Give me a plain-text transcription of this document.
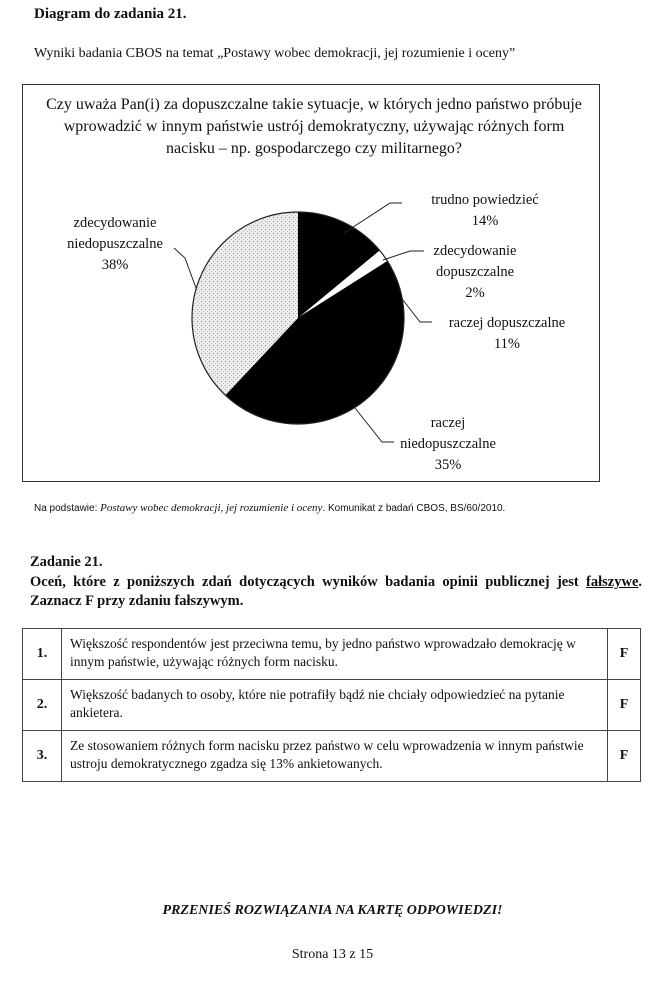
Diagram do zadania 21.
Wyniki badania CBOS na temat „Postawy wobec demokracji, jej rozumienie i oceny”
Czy uważa Pan(i) za dopuszczalne takie sytuacje, w których jedno państwo próbuje wprowadzić w innym państwie ustrój demokratyczny, używając różnych form nacisku – np. gospodarczego czy militarnego?
trudno powiedzieć
14%
zdecydowanie dopuszczalne
2%
raczej dopuszczalne
11%
raczej niedopuszczalne
35%
zdecydowanie niedopuszczalne
38%
Na podstawie: Postawy wobec demokracji, jej rozumienie i oceny. Komunikat z badań CBOS, BS/60/2010.
Zadanie 21.
Oceń, które z poniższych zdań dotyczących wyników badania opinii publicznej jest fałszywe. Zaznacz F przy zdaniu fałszywym.
1.	Większość respondentów jest przeciwna temu, by jedno państwo wprowadzało demokrację w innym państwie, używając różnych form nacisku.	F
2.	Większość badanych to osoby, które nie potrafiły bądź nie chciały odpowiedzieć na pytanie ankietera.	F
3.	Ze stosowaniem różnych form nacisku przez państwo w celu wprowadzenia w innym państwie ustroju demokratycznego zgadza się 13% ankietowanych.	F
PRZENIEŚ ROZWIĄZANIA NA KARTĘ ODPOWIEDZI!
Strona 13 z 15
